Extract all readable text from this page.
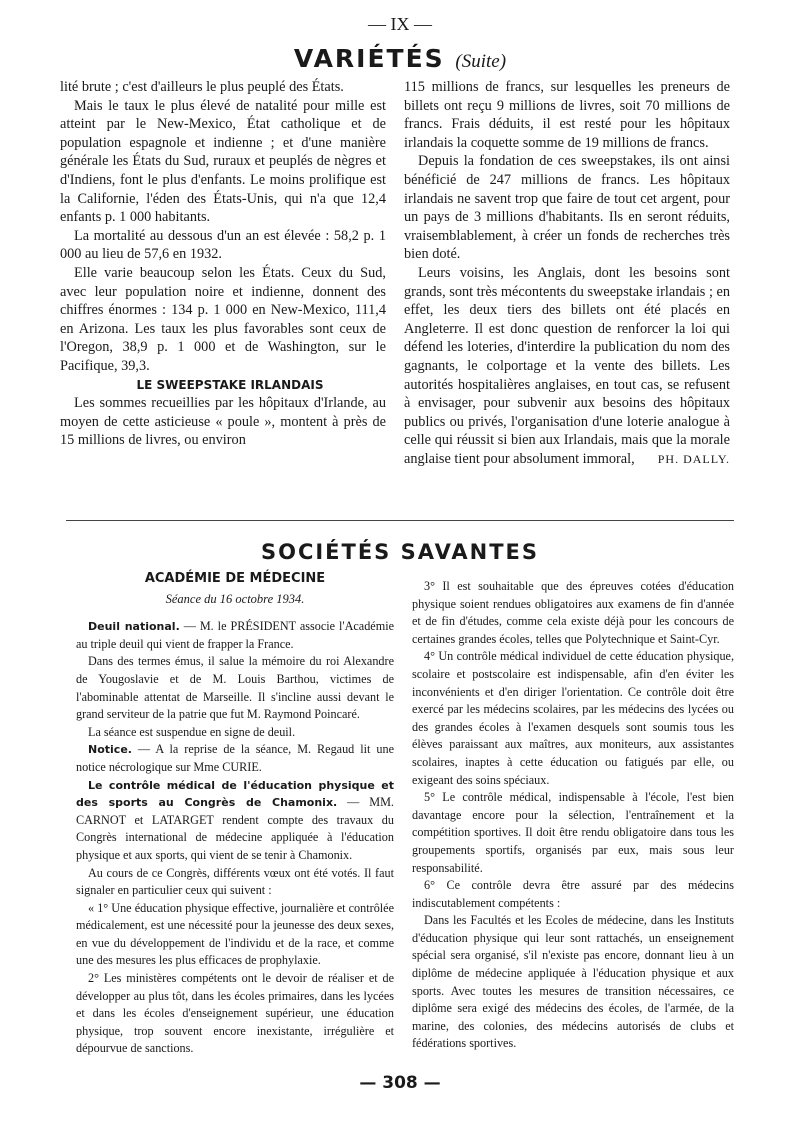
— IX —
VARIÉTÉS (Suite)

lité brute ; c'est d'ailleurs le plus peuplé des États.

Mais le taux le plus élevé de natalité pour mille est atteint par le New-Mexico, État catholique et de population espagnole et indienne ; et d'une manière générale les États du Sud, ruraux et peuplés de nègres et d'Indiens, font le plus d'enfants. Le moins prolifique est la Californie, l'éden des États-Unis, qui n'a que 12,4 enfants p. 1 000 habitants.

La mortalité au dessous d'un an est élevée : 58,2 p. 1 000 au lieu de 57,6 en 1932.

Elle varie beaucoup selon les États. Ceux du Sud, avec leur population noire et indienne, donnent des chiffres énormes : 134 p. 1 000 en New-Mexico, 111,4 en Arizona. Les taux les plus favorables sont ceux de l'Oregon, 38,9 p. 1 000 et de Washington, sur le Pacifique, 39,3.

LE SWEEPSTAKE IRLANDAIS

Les sommes recueillies par les hôpitaux d'Irlande, au moyen de cette asticieuse « poule », montent à près de 15 millions de livres, ou environ

115 millions de francs, sur lesquelles les preneurs de billets ont reçu 9 millions de livres, soit 70 millions de francs. Frais déduits, il est resté pour les hôpitaux irlandais la coquette somme de 19 millions de francs.

Depuis la fondation de ces sweepstakes, ils ont ainsi bénéficié de 247 millions de francs. Les hôpitaux irlandais ne savent trop que faire de tout cet argent, pour un pays de 3 millions d'habitants. Ils en seront réduits, vraisemblablement, à créer un fonds de recherches très bien doté.

Leurs voisins, les Anglais, dont les besoins sont grands, sont très mécontents du sweepstake irlandais ; en effet, les deux tiers des billets ont été placés en Angleterre. Il est donc question de renforcer la loi qui défend les loteries, d'interdire la publication du nom des gagnants, le colportage et la vente des billets. Les autorités hospitalières anglaises, en tout cas, se refusent à envisager, pour subvenir aux besoins des hôpitaux publics ou privés, l'organisation d'une loterie analogue à celle qui réussit si bien aux Irlandais, mais que la morale anglaise tient pour absolument immoral,	PH. DALLY.

SOCIÉTÉS SAVANTES

ACADÉMIE DE MÉDECINE

Séance du 16 octobre 1934.

Deuil national. — M. le PRÉSIDENT associe l'Académie au triple deuil qui vient de frapper la France.

Dans des termes émus, il salue la mémoire du roi Alexandre de Yougoslavie et de M. Louis Barthou, victimes de l'abominable attentat de Marseille. Il s'incline aussi devant le grand serviteur de la patrie que fut M. Raymond Poincaré.

La séance est suspendue en signe de deuil.

Notice. — A la reprise de la séance, M. Regaud lit une notice nécrologique sur Mme CURIE.

Le contrôle médical de l'éducation physique et des sports au Congrès de Chamonix. — MM. CARNOT et LATARGET rendent compte des travaux du Congrès international de médecine appliquée à l'éducation physique et aux sports, qui vient de se tenir à Chamonix.

Au cours de ce Congrès, différents vœux ont été votés. Il faut signaler en particulier ceux qui suivent :

« 1° Une éducation physique effective, journalière et contrôlée médicalement, est une nécessité pour la jeunesse des deux sexes, en vue du développement de l'individu et de la race, et comme une des mesures les plus efficaces de prophylaxie.

2° Les ministères compétents ont le devoir de réaliser et de développer au plus tôt, dans les écoles primaires, dans les lycées et dans les écoles d'enseignement supérieur, une éducation physique, trop souvent encore inexistante, irrégulière et dépourvue de sanctions.

3° Il est souhaitable que des épreuves cotées d'éducation physique soient rendues obligatoires aux examens de fin d'année et de fin d'études, comme cela existe déjà pour les concours de certaines grandes écoles, telles que Polytechnique et Saint-Cyr.

4° Un contrôle médical individuel de cette éducation physique, scolaire et postscolaire est indispensable, afin d'en éviter les inconvénients et d'en diriger l'orientation. Ce contrôle doit être exercé par les médecins scolaires, par les médecins des lycées ou des grandes écoles à l'examen desquels sont soumis tous les élèves paraissant aux maîtres, aux moniteurs, aux assistantes scolaires, inaptes à cette éducation ou fatigués par elle, ou exigeant des soins spéciaux.

5° Le contrôle médical, indispensable à l'école, l'est bien davantage encore pour la sélection, l'entraînement et la compétition sportives. Il doit être rendu obligatoire dans tous les groupements sportifs, organisés par eux, mais sous leur responsabilité.

6° Ce contrôle devra être assuré par des médecins indiscutablement compétents :

Dans les Facultés et les Ecoles de médecine, dans les Instituts d'éducation physique qui leur sont rattachés, un enseignement spécial sera organisé, s'il n'existe pas encore, donnant lieu à un diplôme de médecine appliquée à l'éducation physique et aux sports. Avec toutes les mesures de transition nécessaires, ce diplôme sera exigé des médecins des écoles, de l'armée, de la marine, des colonies, des médecins autorisés de clubs et fédérations sportives.

— 308 —
